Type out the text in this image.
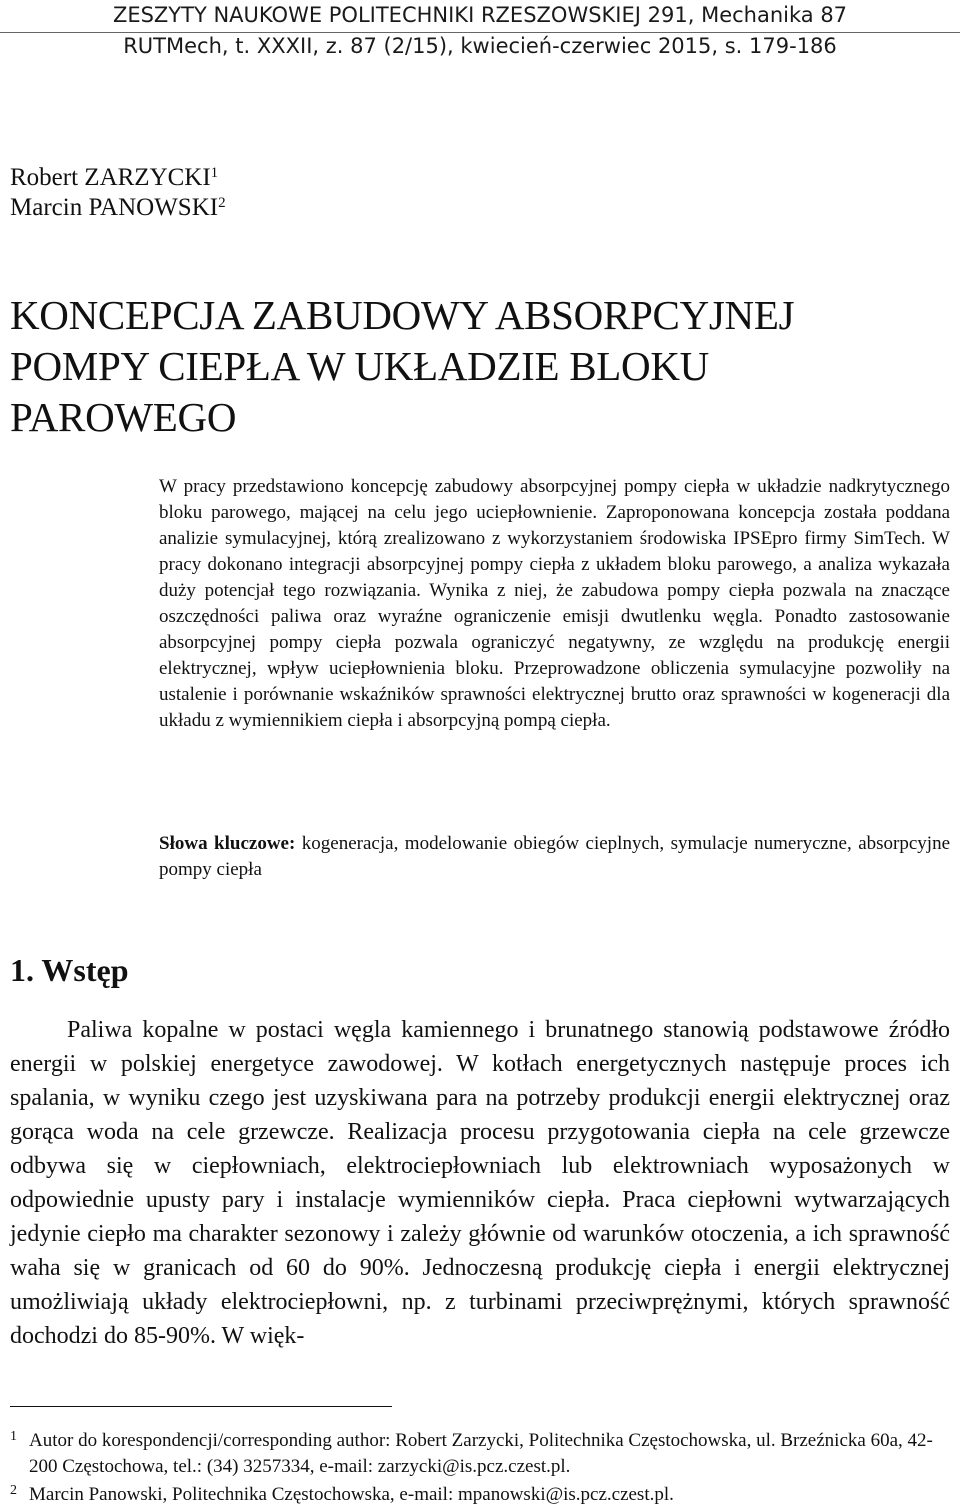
ZESZYTY NAUKOWE POLITECHNIKI RZESZOWSKIEJ 291, Mechanika 87
RUTMech, t. XXXII, z. 87 (2/15), kwiecień-czerwiec 2015, s. 179-186
Robert ZARZYCKI$^1$
Marcin PANOWSKI$^2$
KONCEPCJA ZABUDOWY ABSORPCYJNEJ
POMPY CIEPŁA W UKŁADZIE BLOKU
PAROWEGO

W pracy przedstawiono koncepcję zabudowy absorpcyjnej pompy ciepła w układzie nadkrytycznego bloku parowego, mającej na celu jego uciepłownienie. Zaproponowana koncepcja została poddana analizie symulacyjnej, którą zrealizowano z wykorzystaniem środowiska IPSEpro firmy SimTech. W pracy dokonano integracji absorpcyjnej pompy ciepła z układem bloku parowego, a analiza wykazała duży potencjał tego rozwiązania. Wynika z niej, że zabudowa pompy ciepła pozwala na znaczące oszczędności paliwa oraz wyraźne ograniczenie emisji dwutlenku węgla. Ponadto zastosowanie absorpcyjnej pompy ciepła pozwala ograniczyć negatywny, ze względu na produkcję energii elektrycznej, wpływ uciepłownienia bloku. Przeprowadzone obliczenia symulacyjne pozwoliły na ustalenie i porównanie wskaźników sprawności elektrycznej brutto oraz sprawności w kogeneracji dla układu z wymiennikiem ciepła i absorpcyjną pompą ciepła.

Słowa kluczowe: kogeneracja, modelowanie obiegów cieplnych, symulacje numeryczne, absorpcyjne pompy ciepła

1. Wstęp

Paliwa kopalne w postaci węgla kamiennego i brunatnego stanowią podstawowe źródło energii w polskiej energetyce zawodowej. W kotłach energetycznych następuje proces ich spalania, w wyniku czego jest uzyskiwana para na potrzeby produkcji energii elektrycznej oraz gorąca woda na cele grzewcze. Realizacja procesu przygotowania ciepła na cele grzewcze odbywa się w ciepłowniach, elektrociepłowniach lub elektrowniach wyposażonych w odpowiednie upusty pary i instalacje wymienników ciepła. Praca ciepłowni wytwarzających jedynie ciepło ma charakter sezonowy i zależy głównie od warunków otoczenia, a ich sprawność waha się w granicach od 60 do 90%. Jednoczesną produkcję ciepła i energii elektrycznej umożliwiają układy elektrociepłowni, np. z turbinami przeciwprężnymi, których sprawność dochodzi do 85-90%. W więk-

1 Autor do korespondencji/corresponding author: Robert Zarzycki, Politechnika Częstochowska, ul. Brzeźnicka 60a, 42-200 Częstochowa, tel.: (34) 3257334, e-mail: zarzycki@is.pcz.czest.pl.
2 Marcin Panowski, Politechnika Częstochowska, e-mail: mpanowski@is.pcz.czest.pl.
